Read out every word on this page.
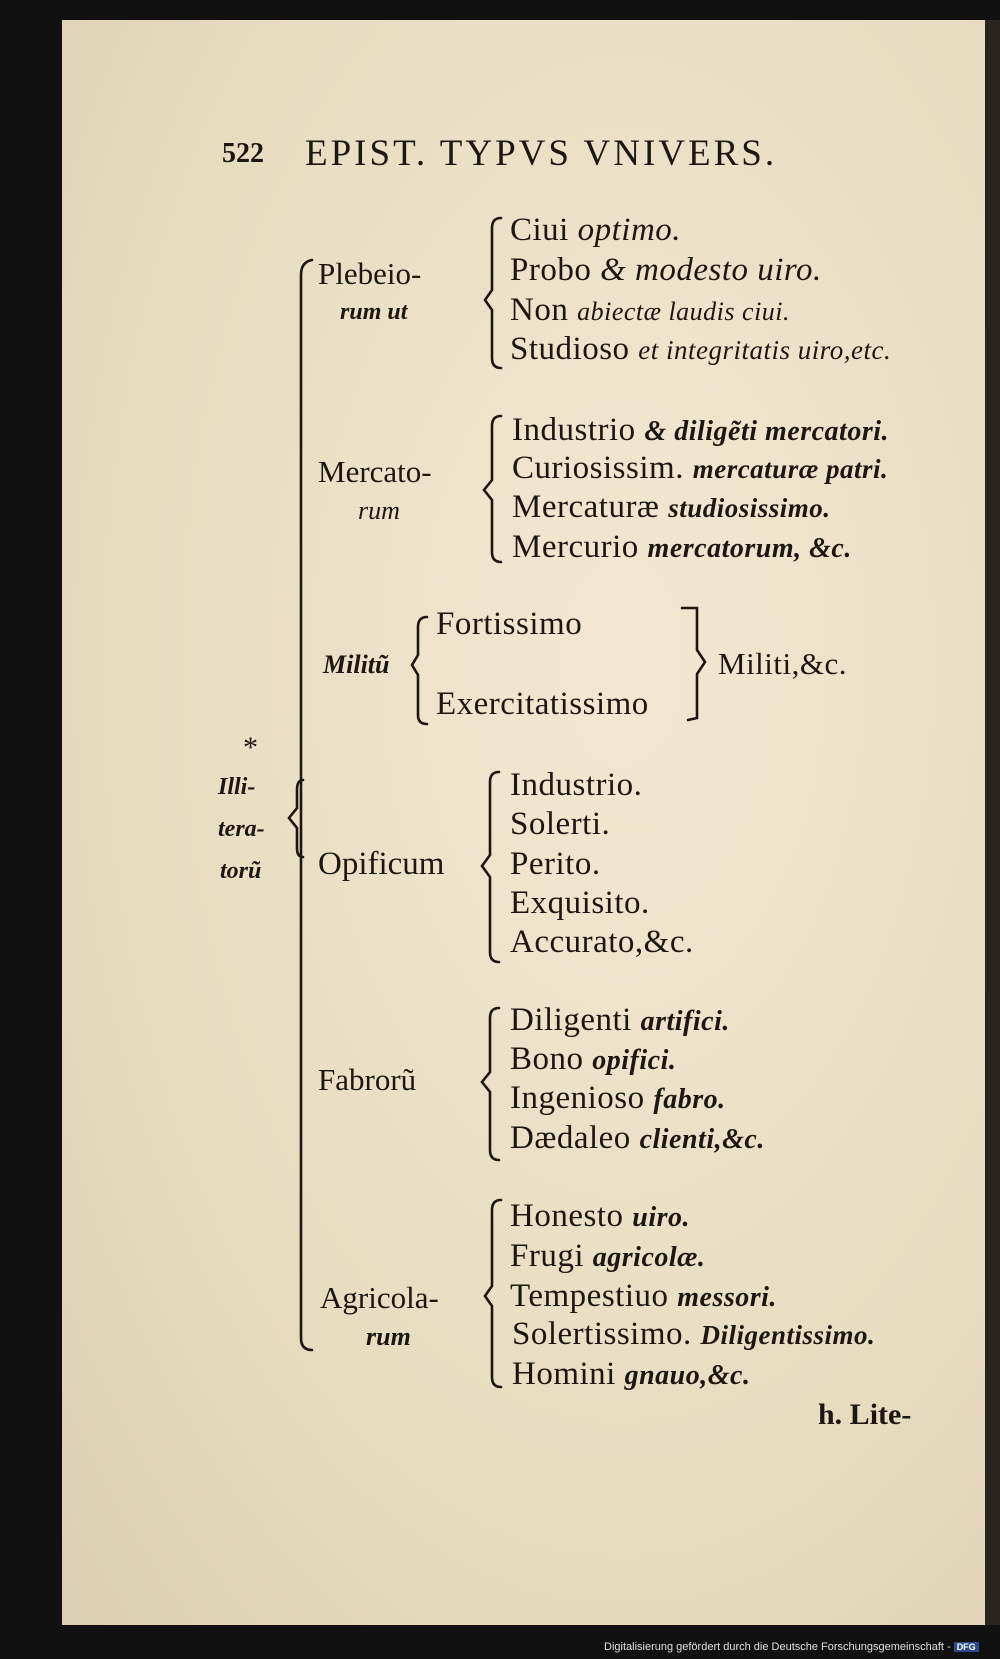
522 EPIST. TYPVS VNIVERS.
*
Illi-
tera-
torũ
Plebeio-
rum ut
Ciui optimo.
Probo & modesto uiro.
Non abiectæ laudis ciui.
Studioso et integritatis uiro,etc.
Mercato-
rum
Industrio & diligẽti mercatori.
Curiosissim. mercaturæ patri.
Mercaturæ studiosissimo.
Mercurio mercatorum, &c.
Militũ
Fortissimo
Exercitatissimo
Militi,&c.
Opificum
Industrio.
Solerti.
Perito.
Exquisito.
Accurato,&c.
Fabrorũ
Diligenti artifici.
Bono opifici.
Ingenioso fabro.
Dædaleo clienti,&c.
Agricola-
rum
Honesto uiro.
Frugi agricolæ.
Tempestiuo messori.
Solertissimo. Diligentissimo.
Homini gnauo,&c.
h. Lite-
Digitalisierung gefördert durch die Deutsche Forschungsgemeinschaft - DFG
